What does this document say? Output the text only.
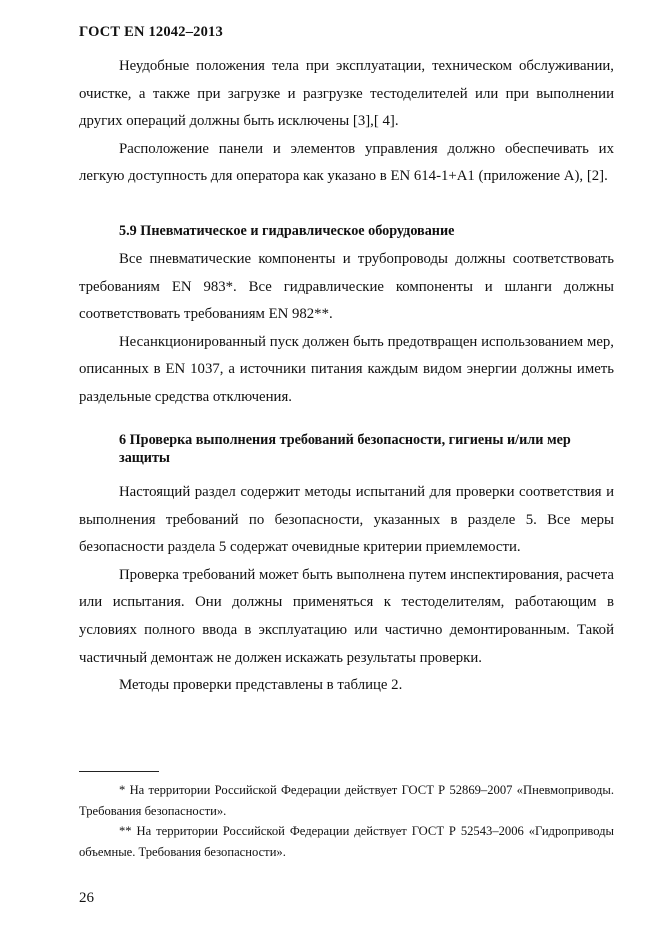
ГОСТ EN 12042–2013

Неудобные положения тела при эксплуатации, техническом обслуживании, очистке, а также при загрузке и разгрузке тестоделителей или при выполнении других операций должны быть исключены [3],[ 4].

Расположение панели и элементов управления должно обеспечивать их легкую доступность для оператора как указано в EN 614-1+A1 (приложение А), [2].

5.9 Пневматическое и гидравлическое оборудование

Все пневматические компоненты и трубопроводы должны соответствовать требованиям EN 983*. Все гидравлические компоненты и шланги должны соответствовать требованиям EN 982**.

Несанкционированный пуск должен быть предотвращен использованием мер, описанных в EN 1037, а источники питания каждым видом энергии должны иметь раздельные средства отключения.

6 Проверка выполнения требований безопасности, гигиены и/или мер защиты

Настоящий раздел содержит методы испытаний для проверки соответствия и выполнения требований по безопасности, указанных в разделе 5. Все меры безопасности раздела 5 содержат очевидные критерии приемлемости.

Проверка требований может быть выполнена путем инспектирования, расчета или испытания. Они должны применяться к тестоделителям, работающим в условиях полного ввода в эксплуатацию или частично демонтированным. Такой частичный демонтаж не должен искажать результаты проверки.

Методы проверки представлены в таблице 2.

* На территории Российской Федерации действует ГОСТ Р 52869–2007 «Пневмоприводы. Требования безопасности».

** На территории Российской Федерации действует ГОСТ Р 52543–2006 «Гидроприводы объемные. Требования безопасности».

26
